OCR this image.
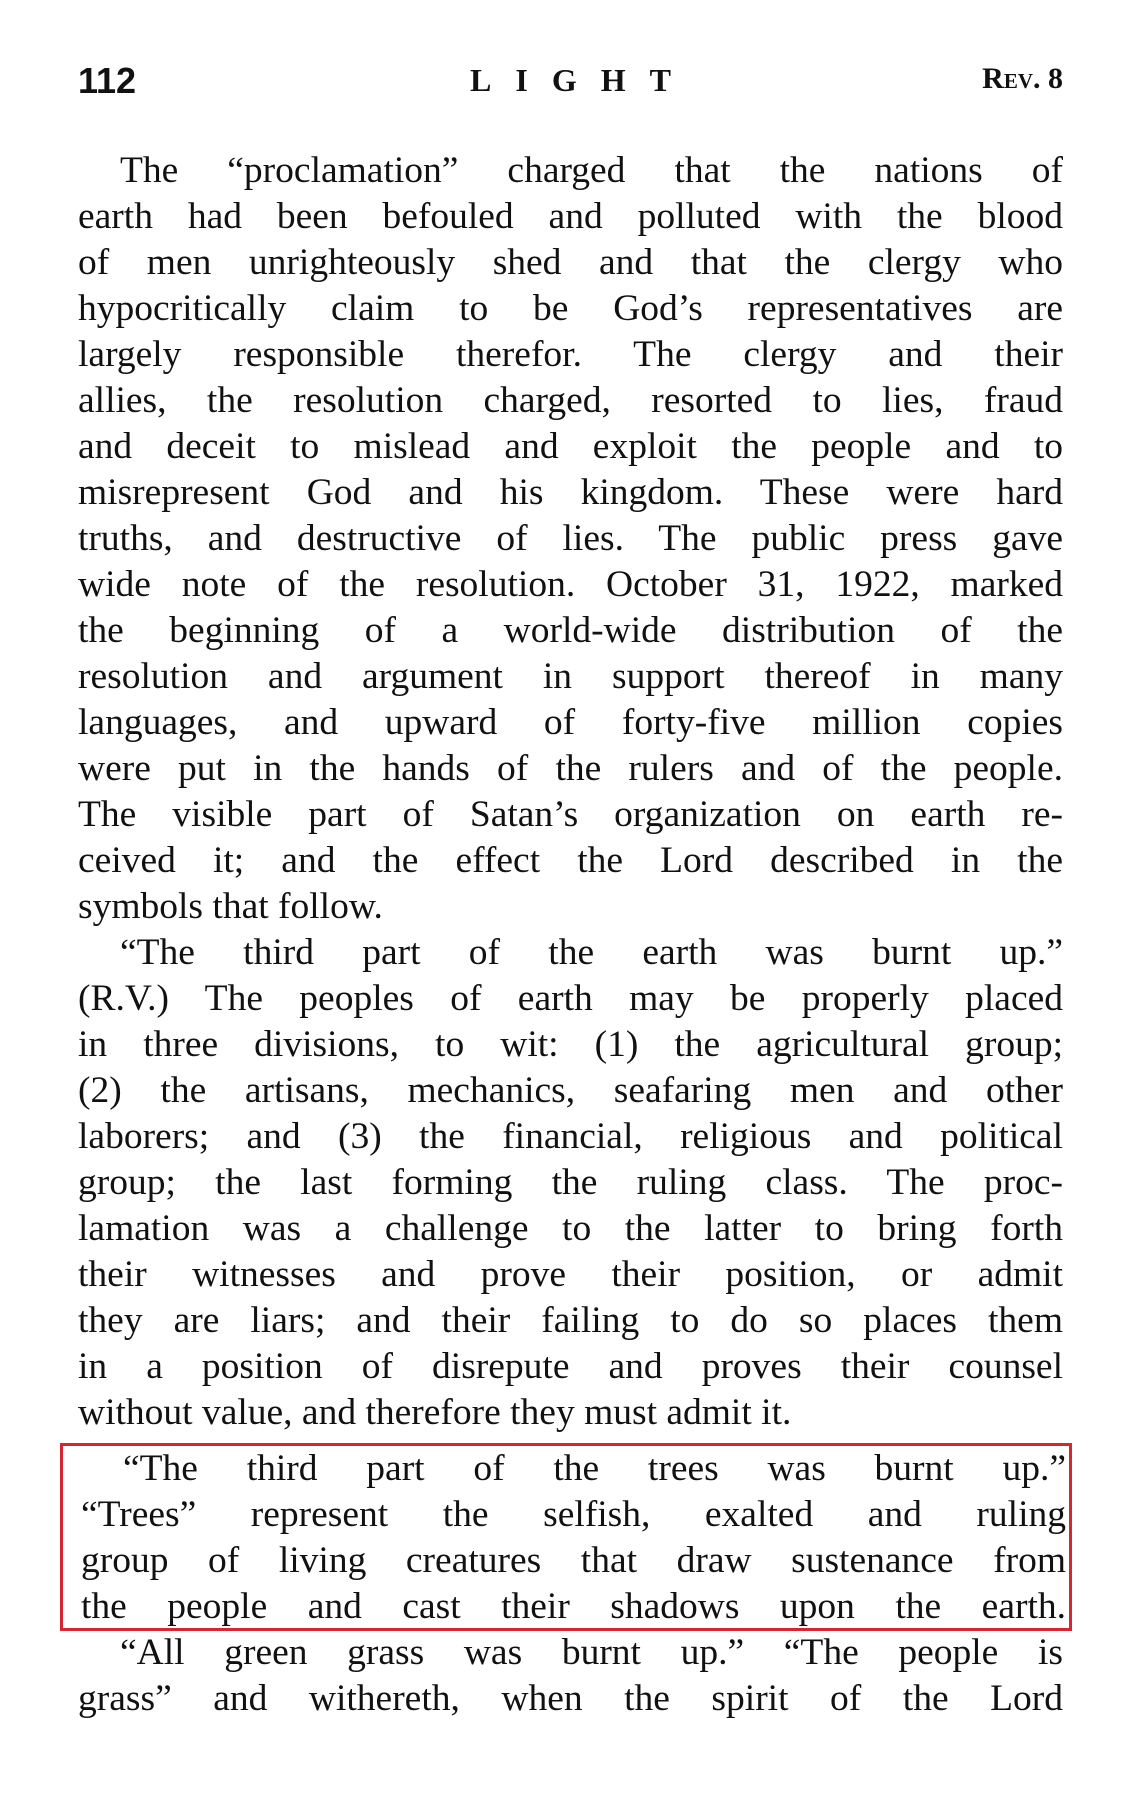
112	LIGHT	Rev. 8
The “proclamation” charged that the nations of
earth had been befouled and polluted with the blood
of men unrighteously shed and that the clergy who
hypocritically claim to be God’s representatives are
largely responsible therefor. The clergy and their
allies, the resolution charged, resorted to lies, fraud
and deceit to mislead and exploit the people and to
misrepresent God and his kingdom. These were hard
truths, and destructive of lies. The public press gave
wide note of the resolution. October 31, 1922, marked
the beginning of a world-wide distribution of the
resolution and argument in support thereof in many
languages, and upward of forty-five million copies
were put in the hands of the rulers and of the people.
The visible part of Satan’s organization on earth re-
ceived it; and the effect the Lord described in the
symbols that follow.
“The third part of the earth was burnt up.”
(R.V.) The peoples of earth may be properly placed
in three divisions, to wit: (1) the agricultural group;
(2) the artisans, mechanics, seafaring men and other
laborers; and (3) the financial, religious and political
group; the last forming the ruling class. The proc-
lamation was a challenge to the latter to bring forth
their witnesses and prove their position, or admit
they are liars; and their failing to do so places them
in a position of disrepute and proves their counsel
without value, and therefore they must admit it.
“The third part of the trees was burnt up.”
“Trees” represent the selfish, exalted and ruling
group of living creatures that draw sustenance from
the people and cast their shadows upon the earth.
“All green grass was burnt up.” “The people is
grass” and withereth, when the spirit of the Lord
